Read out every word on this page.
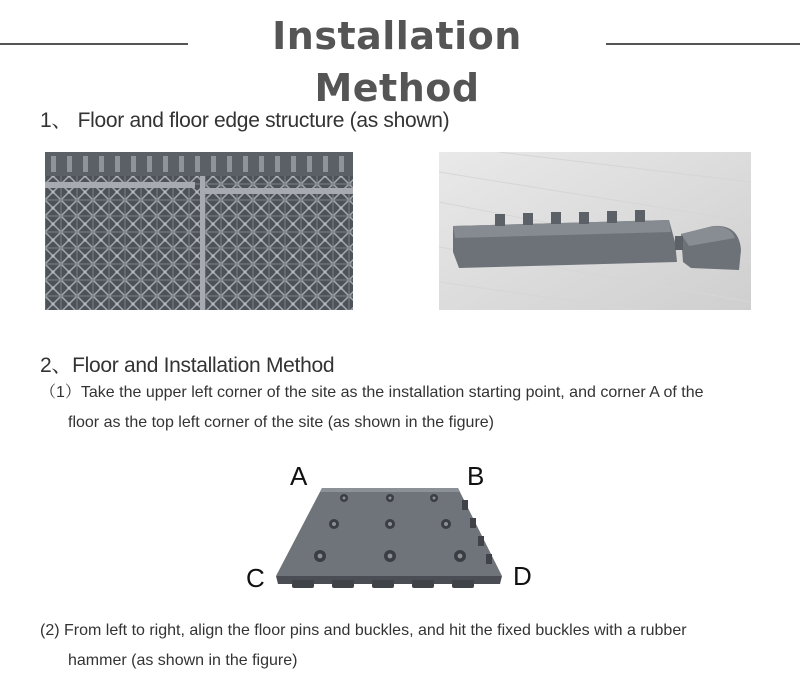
Installation Method
1、 Floor and floor edge structure (as shown)
2、Floor and Installation Method
（1）Take the upper left corner of the site as the installation starting point, and corner A of the
floor as the top left corner of the site (as shown in the figure)
A	B
C	D
(2) From left to right, align the floor pins and buckles, and hit the fixed buckles with a rubber
hammer (as shown in the figure)
